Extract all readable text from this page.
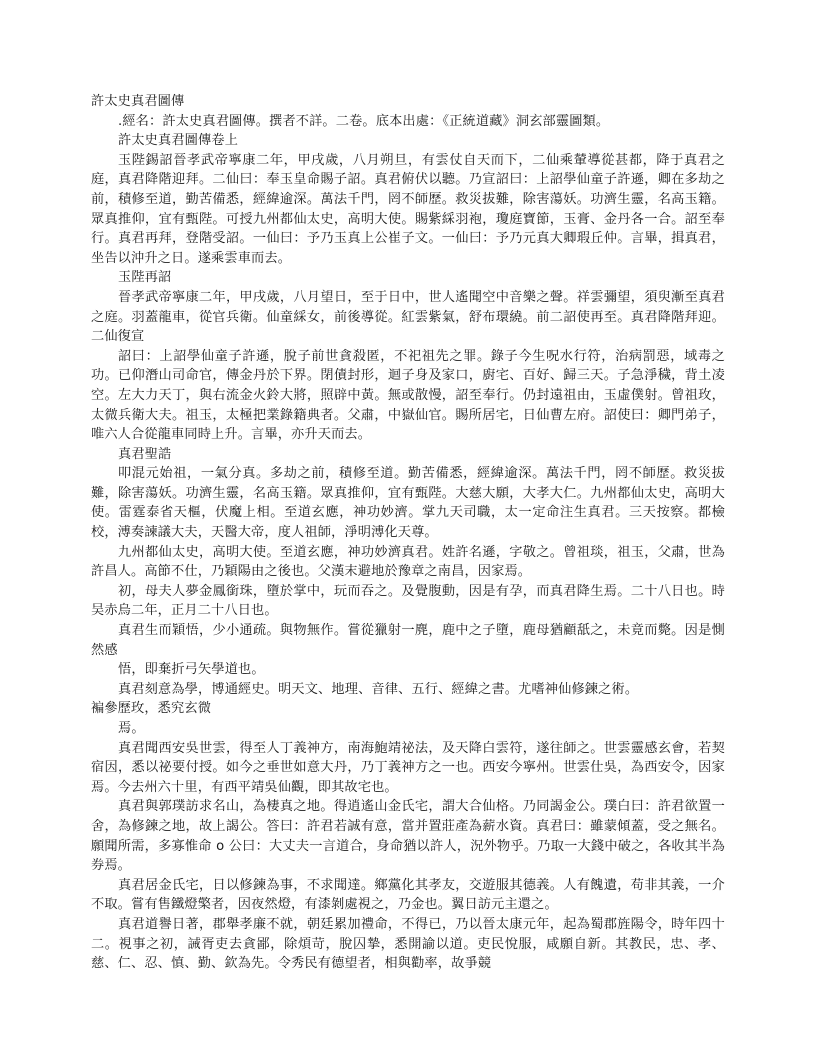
許太史真君圖傳

.經名：許太史真君圖傳。撰者不詳。二卷。底本出處：《正統道藏》洞玄部靈圖類。

許太史真君圖傳卷上

玉陛錫詔晉孝武帝寧康二年，甲戌歲，八月朔旦，有雲仗自天而下，二仙乘輦導從甚都，降于真君之庭，真君降階迎拜。二仙曰：奉玉皇命賜子詔。真君俯伏以聽。乃宣詔曰：上詔學仙童子許遜，卿在多劫之前，積修至道，勤苦備悉，經緯逾深。萬法千門，罔不師歷。救災拔難，除害蕩妖。功濟生靈，名高玉籍。眾真推仰，宜有甄陛。可授九州都仙太史，高明大使。賜紫綵羽袍，瓊庭寶節，玉膏、金丹各一合。詔至奉行。真君再拜，登階受詔。一仙曰：予乃玉真上公崔子文。一仙曰：予乃元真大卿瑕丘仲。言畢，揖真君，坐告以沖升之日。遂乘雲車而去。

玉陛再詔

晉孝武帝寧康二年，甲戌歲，八月望日，至于日中，世人遙聞空中音樂之聲。祥雲彌望，須臾漸至真君之庭。羽蓋龍車，從官兵衛。仙童綵女，前後導從。紅雲紫氣，舒布環繞。前二詔使再至。真君降階拜迎。二仙復宣

詔曰：上詔學仙童子許遜，脫子前世貪殺匿，不祀祖先之罪。錄子今生呪水行符，治病罰惡，域毒之功。已仰潛山司命官，傳金丹於下界。閉債封形，迴子身及家口，廚宅、百好、歸三天。子急淨穢，背土凌空。左大力天丁，與右流金火鈴大將，照辟中黃。無或散慢，詔至奉行。仍封遠祖由，玉虛僕射。曾祖玫，太微兵衛大夫。祖玉，太極把業錄籍典者。父肅，中嶽仙官。賜所居宅，日仙曹左府。詔使曰：卿門弟子，唯六人合從龍車同時上升。言畢，亦升天而去。

真君聖誥

叩混元始祖，一氣分真。多劫之前，積修至道。勤苦備悉，經緯逾深。萬法千門，罔不師歷。救災拔難，除害蕩妖。功濟生靈，名高玉籍。眾真推仰，宜有甄陛。大慈大願，大孝大仁。九州都仙太史，高明大使。雷霆泰省天樞，伏魔上相。至道玄應，神功妙濟。掌九天司職，太一定命注生真君。三天按察。都檢校，溥奏諫議大夫，天醫大帝，度人祖師，淨明溥化天尊。

九州都仙太史，高明大使。至道玄應，神功妙濟真君。姓許名遜，字敬之。曾祖琰，祖玉，父肅，世為許昌人。高節不仕，乃穎陽由之後也。父漢末避地於豫章之南昌，因家焉。

初，母夫人夢金鳳銜珠，墮於掌中，玩而吞之。及覺腹動，因是有孕，而真君降生焉。二十八日也。時吴赤烏二年，正月二十八日也。

真君生而穎悟，少小通疏。與物無作。嘗從獵射一麂，鹿中之子墮，鹿母猶顧舐之，未竟而斃。因是惻然感

悟，即棄折弓矢學道也。

真君刻意為學，博通經史。明天文、地理、音律、五行、經緯之書。尤嗜神仙修鍊之術。

褊參歷玫，悉究玄微

焉。

真君聞西安吳世雲，得至人丁義神方，南海鮑靖祕法，及天降白雲符，遂往師之。世雲靈感玄會，若契宿因，悉以祕要付授。如今之垂世如意大丹，乃丁義神方之一也。西安今寧州。世雲仕吳，為西安令，因家焉。今去州六十里，有西平靖吳仙觀，即其故宅也。

真君與郭璞訪求名山，為棲真之地。得逍遙山金氏宅，謂大合仙格。乃同謁金公。璞白曰：許君欲置一舍，為修鍊之地，故上謁公。答曰：許君若誠有意，當并置莊產為薪水資。真君曰：雖蒙傾蓋，受之無名。願聞所需，多寡惟命 o 公曰：大丈夫一言道合，身命猶以許人，況外物乎。乃取一大錢中破之，各收其半為券焉。

真君居金氏宅，日以修鍊為事，不求聞達。鄉黨化其孝友，交遊服其德義。人有餽遺，苟非其義，一介不取。嘗有售鐵燈檠者，因夜然燈，有漆剝處視之，乃金也。翼日訪元主還之。

真君道譽日著，郡舉孝廉不就，朝廷累加禮命，不得已，乃以晉太康元年，起為蜀郡旌陽令，時年四十二。視事之初，誡胥吏去貪鄙，除煩苛，脫囚摯，悉開諭以道。吏民悅服，咸願自新。其教民，忠、孝、慈、仁、忍、慎、勤、欽為先。令秀民有德望者，相與勸率，故爭競
